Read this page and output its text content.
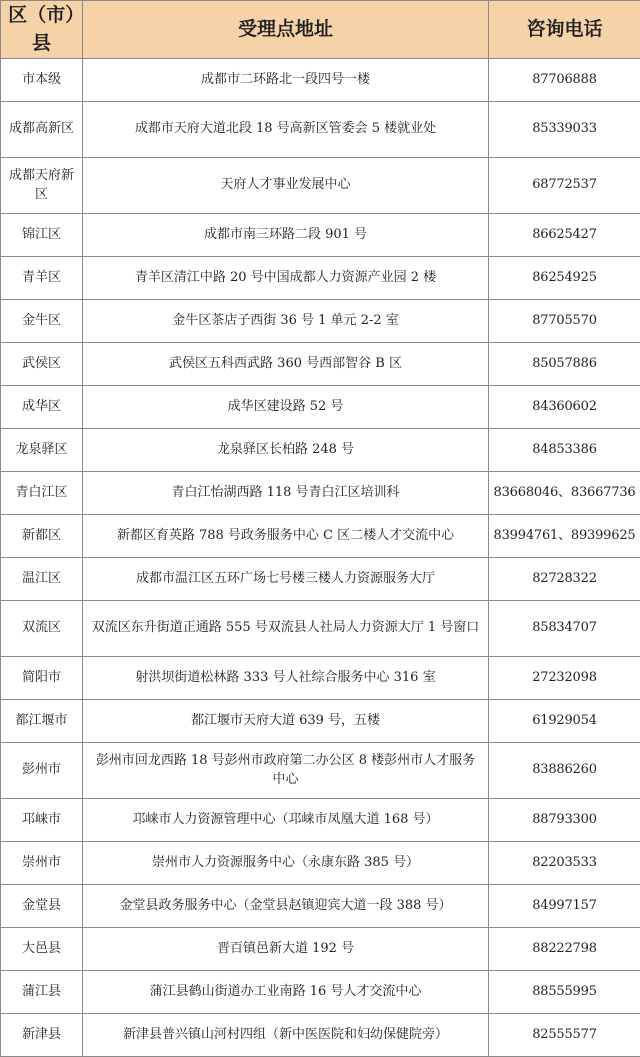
区（市）县	受理点地址	咨询电话
市本级	成都市二环路北一段四号一楼	87706888
成都高新区	成都市天府大道北段 18 号高新区管委会 5 楼就业处	85339033
成都天府新区	天府人才事业发展中心	68772537
锦江区	成都市南三环路二段 901 号	86625427
青羊区	青羊区清江中路 20 号中国成都人力资源产业园 2 楼	86254925
金牛区	金牛区茶店子西街 36 号 1 单元 2-2 室	87705570
武侯区	武侯区五科西武路 360 号西部智谷 B 区	85057886
成华区	成华区建设路 52 号	84360602
龙泉驿区	龙泉驿区长柏路 248 号	84853386
青白江区	青白江怡湖西路 118 号青白江区培训科	83668046、83667736
新都区	新都区育英路 788 号政务服务中心 C 区二楼人才交流中心	83994761、89399625
温江区	成都市温江区五环广场七号楼三楼人力资源服务大厅	82728322
双流区	双流区东升街道正通路 555 号双流县人社局人力资源大厅 1 号窗口	85834707
简阳市	射洪坝街道松林路 333 号人社综合服务中心 316 室	27232098
都江堰市	都江堰市天府大道 639 号，五楼	61929054
彭州市	彭州市回龙西路 18 号彭州市政府第二办公区 8 楼彭州市人才服务中心	83886260
邛崃市	邛崃市人力资源管理中心（邛崃市凤凰大道 168 号）	88793300
崇州市	崇州市人力资源服务中心（永康东路 385 号）	82203533
金堂县	金堂县政务服务中心（金堂县赵镇迎宾大道一段 388 号）	84997157
大邑县	晋百镇邑新大道 192 号	88222798
蒲江县	蒲江县鹤山街道办工业南路 16 号人才交流中心	88555995
新津县	新津县普兴镇山河村四组（新中医医院和妇幼保健院旁）	82555577
